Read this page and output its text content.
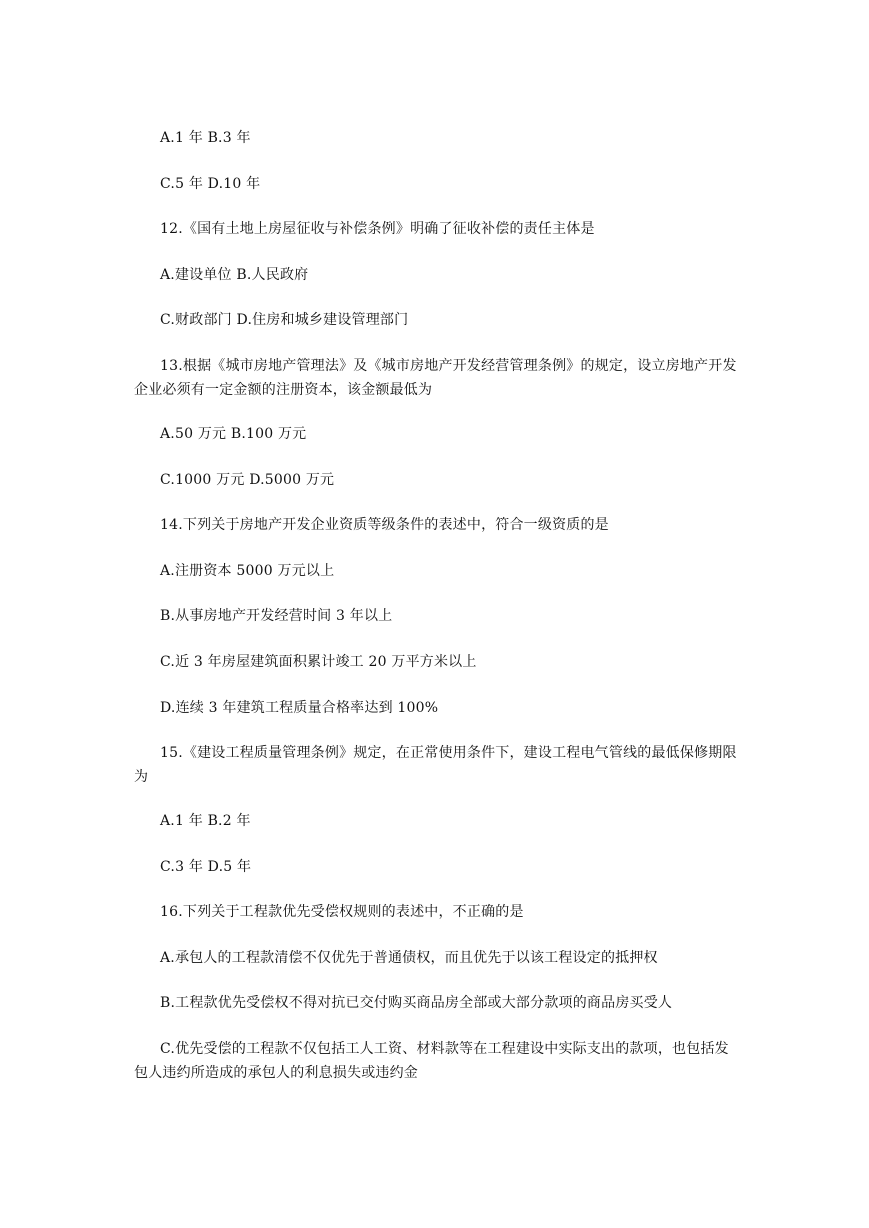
A.1 年 B.3 年
C.5 年 D.10 年
12.《国有土地上房屋征收与补偿条例》明确了征收补偿的责任主体是
A.建设单位 B.人民政府
C.财政部门 D.住房和城乡建设管理部门
13.根据《城市房地产管理法》及《城市房地产开发经营管理条例》的规定，设立房地产开发企业必须有一定金额的注册资本，该金额最低为
A.50 万元 B.100 万元
C.1000 万元 D.5000 万元
14.下列关于房地产开发企业资质等级条件的表述中，符合一级资质的是
A.注册资本 5000 万元以上
B.从事房地产开发经营时间 3 年以上
C.近 3 年房屋建筑面积累计竣工 20 万平方米以上
D.连续 3 年建筑工程质量合格率达到 100%
15.《建设工程质量管理条例》规定，在正常使用条件下，建设工程电气管线的最低保修期限为
A.1 年 B.2 年
C.3 年 D.5 年
16.下列关于工程款优先受偿权规则的表述中，不正确的是
A.承包人的工程款清偿不仅优先于普通债权，而且优先于以该工程设定的抵押权
B.工程款优先受偿权不得对抗已交付购买商品房全部或大部分款项的商品房买受人
C.优先受偿的工程款不仅包括工人工资、材料款等在工程建设中实际支出的款项，也包括发包人违约所造成的承包人的利息损失或违约金
